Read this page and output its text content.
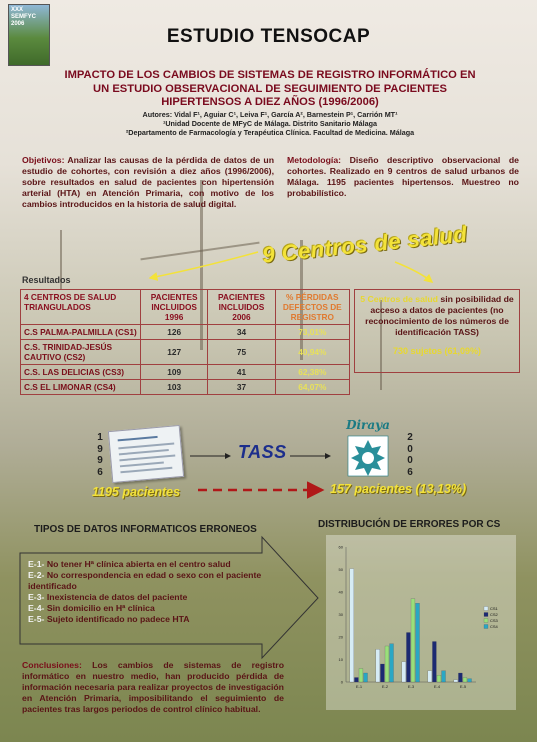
XXX
SEMFYC
2006
ESTUDIO TENSOCAP
IMPACTO DE LOS CAMBIOS DE SISTEMAS DE REGISTRO INFORMÁTICO EN
UN ESTUDIO OBSERVACIONAL DE SEGUIMIENTO DE PACIENTES
HIPERTENSOS A DIEZ AÑOS (1996/2006)
Autores: Vidal F¹, Aguiar C¹, Leiva F¹, García A², Barnestein P¹, Carrión MT¹
¹Unidad Docente de MFyC de Málaga. Distrito Sanitario Málaga
²Departamento de Farmacología y Terapéutica Clínica. Facultad de Medicina. Málaga
Objetivos: Analizar las causas de la pérdida de datos de un estudio de cohortes, con revisión a diez años (1996/2006), sobre resultados en salud de pacientes con hipertensión arterial (HTA) en Atención Primaria, con motivo de los cambios introducidos en la historia de salud digital.
Metodología: Diseño descriptivo observacional de cohortes. Realizado en 9 centros de salud urbanos de Málaga. 1195 pacientes hipertensos. Muestreo no probabilístico.
9 Centros de salud
Resultados
4 CENTROS DE SALUD TRIANGULADOS	PACIENTES INCLUIDOS 1996	PACIENTES INCLUIDOS 2006	% PÉRDIDAS DEFECTOS DE REGISTRO
C.S PALMA-PALMILLA (CS1)	126	34	73,01%
C.S. TRINIDAD-JESÚS CAUTIVO (CS2)	127	75	40,94%
C.S. LAS DELICIAS (CS3)	109	41	62,38%
C.S EL LIMONAR (CS4)	103	37	64,07%
5 Centros de salud sin posibilidad de acceso a datos de pacientes (no reconocimiento de los números de identificación TASS)
730 sujetos (61,09%)
1
9
9
6
2
0
0
6
TASS
Diraya
1195 pacientes	157 pacientes (13,13%)
TIPOS DE DATOS INFORMATICOS ERRONEOS	DISTRIBUCIÓN DE ERRORES POR CS
E-1- No tener Hª clínica abierta en el centro salud
E-2- No correspondencia en edad o sexo con el paciente identificado
E-3- Inexistencia de datos del paciente
E-4- Sin domicilio en Hª clínica
E-5- Sujeto identificado no padece HTA
Conclusiones: Los cambios de sistemas de registro informático en nuestro medio, han producido pérdida de información necesaria para realizar proyectos de investigación en Atención Primaria, imposibilitando el seguimiento de pacientes tras largos periodos de control clínico habitual.
0
10
20
30
40
50
60
E-1	E-2	E-3	E-4	E-5
CS1
CS2
CS3
CS4
